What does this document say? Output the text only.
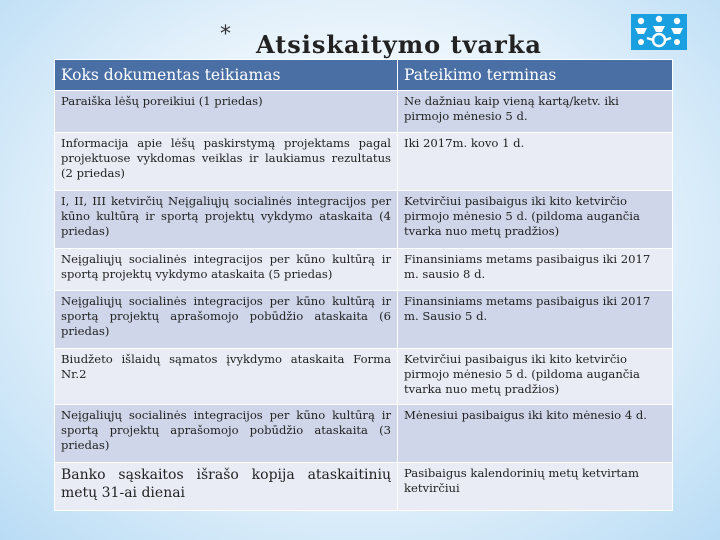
* Atsiskaitymo tvarka
Koks dokumentas teikiamas	Pateikimo terminas
Paraiška lėšų poreikiui (1 priedas)	Ne dažniau kaip vieną kartą/ketv. iki pirmojo mėnesio 5 d.
Informacija apie lėšų paskirstymą projektams pagal projektuose vykdomas veiklas ir laukiamus rezultatus (2 priedas)	Iki 2017m. kovo 1 d.
I, II, III ketvirčių Neįgaliųjų socialinės integracijos per kūno kultūrą ir sportą projektų vykdymo ataskaita (4 priedas)	Ketvirčiui pasibaigus iki kito ketvirčio pirmojo mėnesio 5 d. (pildoma augančia tvarka nuo metų pradžios)
Neįgaliųjų socialinės integracijos per kūno kultūrą ir sportą projektų vykdymo ataskaita (5 priedas)	Finansiniams metams pasibaigus iki 2017 m. sausio 8 d.
Neįgaliųjų socialinės integracijos per kūno kultūrą ir sportą projektų aprašomojo pobūdžio ataskaita (6 priedas)	Finansiniams metams pasibaigus iki 2017 m. Sausio 5 d.
Biudžeto išlaidų sąmatos įvykdymo ataskaita Forma Nr.2	Ketvirčiui pasibaigus iki kito ketvirčio pirmojo mėnesio 5 d. (pildoma augančia tvarka nuo metų pradžios)
Neįgaliųjų socialinės integracijos per kūno kultūrą ir sportą projektų aprašomojo pobūdžio ataskaita (3 priedas)	Mėnesiui pasibaigus iki kito mėnesio 4 d.
Banko sąskaitos išrašo kopija ataskaitinių metų 31-ai dienai	Pasibaigus kalendorinių metų ketvirtam ketvirčiui
